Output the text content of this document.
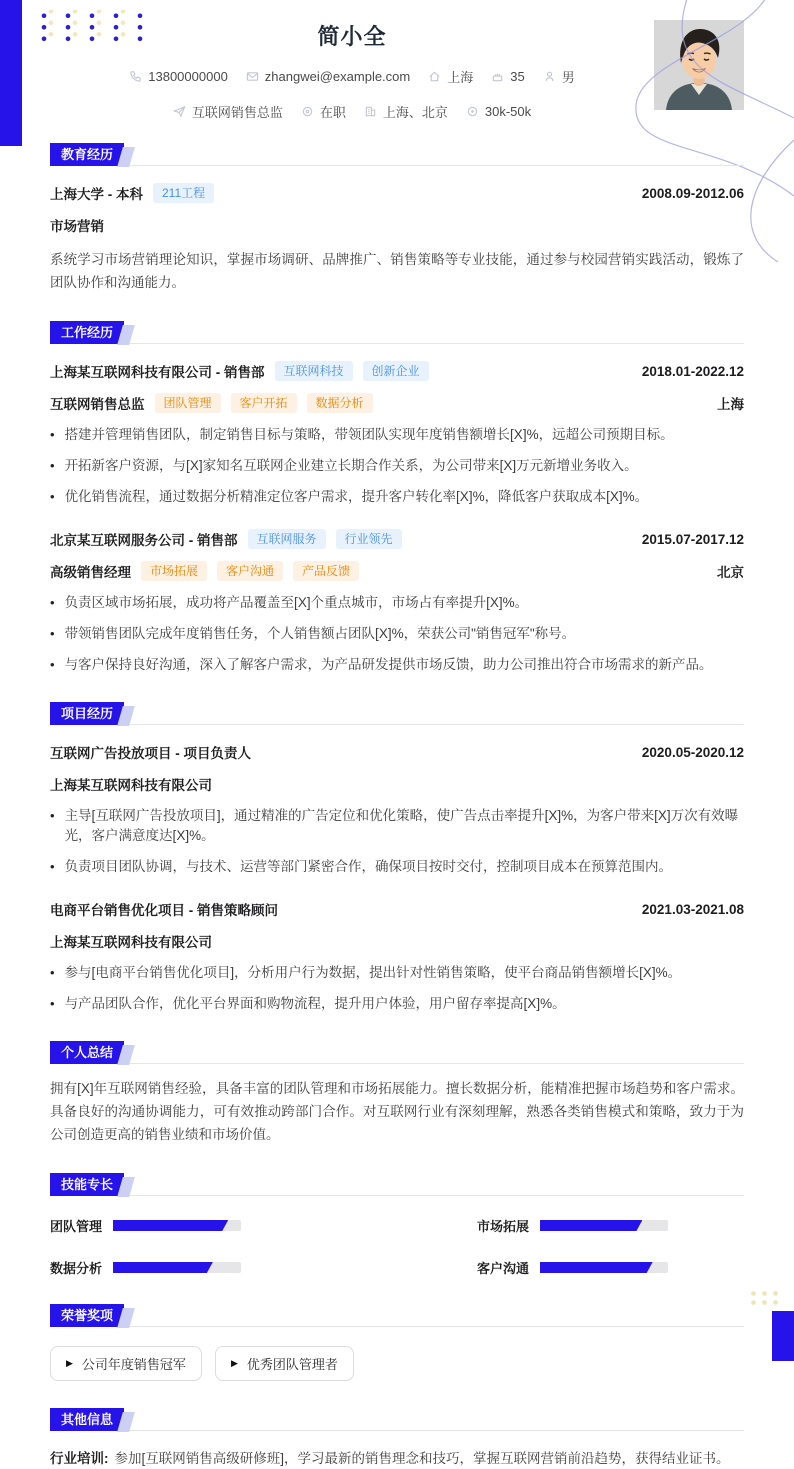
简小全
13800000000	zhangwei@example.com	上海	35	男
互联网销售总监	在职	上海、北京	30k-50k
教育经历
上海大学 - 本科	211工程	2008.09-2012.06
市场营销
系统学习市场营销理论知识，掌握市场调研、品牌推广、销售策略等专业技能，通过参与校园营销实践活动，锻炼了团队协作和沟通能力。
工作经历
上海某互联网科技有限公司 - 销售部	互联网科技	创新企业	2018.01-2022.12
互联网销售总监	团队管理	客户开拓	数据分析	上海
• 搭建并管理销售团队，制定销售目标与策略，带领团队实现年度销售额增长[X]%，远超公司预期目标。
• 开拓新客户资源，与[X]家知名互联网企业建立长期合作关系，为公司带来[X]万元新增业务收入。
• 优化销售流程，通过数据分析精准定位客户需求，提升客户转化率[X]%，降低客户获取成本[X]%。
北京某互联网服务公司 - 销售部	互联网服务	行业领先	2015.07-2017.12
高级销售经理	市场拓展	客户沟通	产品反馈	北京
• 负责区域市场拓展，成功将产品覆盖至[X]个重点城市，市场占有率提升[X]%。
• 带领销售团队完成年度销售任务，个人销售额占团队[X]%，荣获公司"销售冠军"称号。
• 与客户保持良好沟通，深入了解客户需求，为产品研发提供市场反馈，助力公司推出符合市场需求的新产品。
项目经历
互联网广告投放项目 - 项目负责人	2020.05-2020.12
上海某互联网科技有限公司
• 主导[互联网广告投放项目]，通过精准的广告定位和优化策略，使广告点击率提升[X]%，为客户带来[X]万次有效曝光，客户满意度达[X]%。
• 负责项目团队协调，与技术、运营等部门紧密合作，确保项目按时交付，控制项目成本在预算范围内。
电商平台销售优化项目 - 销售策略顾问	2021.03-2021.08
上海某互联网科技有限公司
• 参与[电商平台销售优化项目]，分析用户行为数据，提出针对性销售策略，使平台商品销售额增长[X]%。
• 与产品团队合作，优化平台界面和购物流程，提升用户体验，用户留存率提高[X]%。
个人总结
拥有[X]年互联网销售经验，具备丰富的团队管理和市场拓展能力。擅长数据分析，能精准把握市场趋势和客户需求。具备良好的沟通协调能力，可有效推动跨部门合作。对互联网行业有深刻理解，熟悉各类销售模式和策略，致力于为公司创造更高的销售业绩和市场价值。
技能专长
团队管理	市场拓展
数据分析	客户沟通
荣誉奖项
▶ 公司年度销售冠军	▶ 优秀团队管理者
其他信息
行业培训: 参加[互联网销售高级研修班]，学习最新的销售理念和技巧，掌握互联网营销前沿趋势，获得结业证书。
